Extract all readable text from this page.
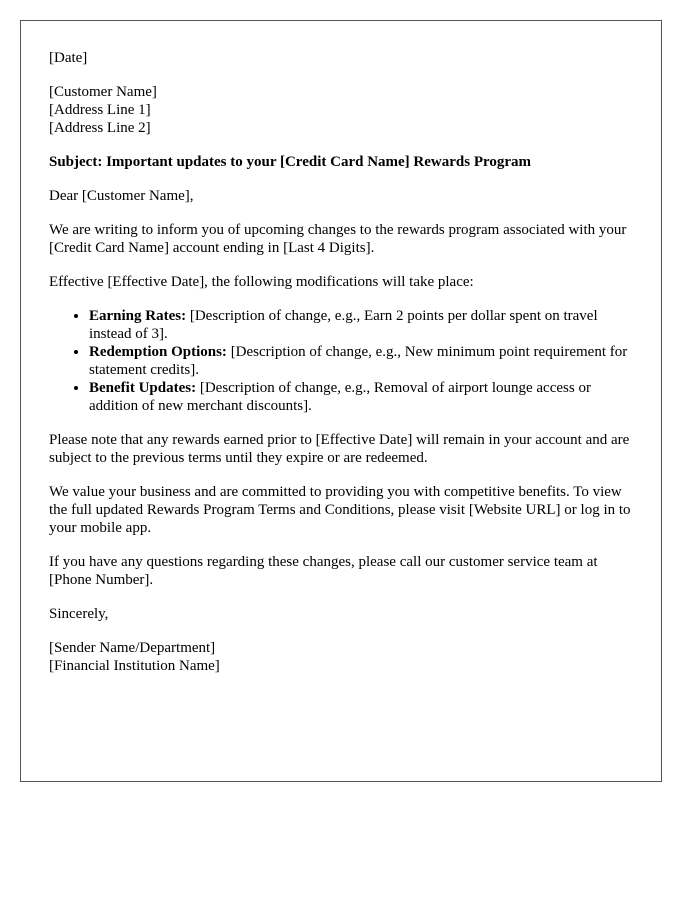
[Date]

[Customer Name]
[Address Line 1]
[Address Line 2]

Subject: Important updates to your [Credit Card Name] Rewards Program

Dear [Customer Name],

We are writing to inform you of upcoming changes to the rewards program associated with your [Credit Card Name] account ending in [Last 4 Digits].

Effective [Effective Date], the following modifications will take place:

• Earning Rates: [Description of change, e.g., Earn 2 points per dollar spent on travel instead of 3].
• Redemption Options: [Description of change, e.g., New minimum point requirement for statement credits].
• Benefit Updates: [Description of change, e.g., Removal of airport lounge access or addition of new merchant discounts].

Please note that any rewards earned prior to [Effective Date] will remain in your account and are subject to the previous terms until they expire or are redeemed.

We value your business and are committed to providing you with competitive benefits. To view the full updated Rewards Program Terms and Conditions, please visit [Website URL] or log in to your mobile app.

If you have any questions regarding these changes, please call our customer service team at [Phone Number].

Sincerely,

[Sender Name/Department]
[Financial Institution Name]
